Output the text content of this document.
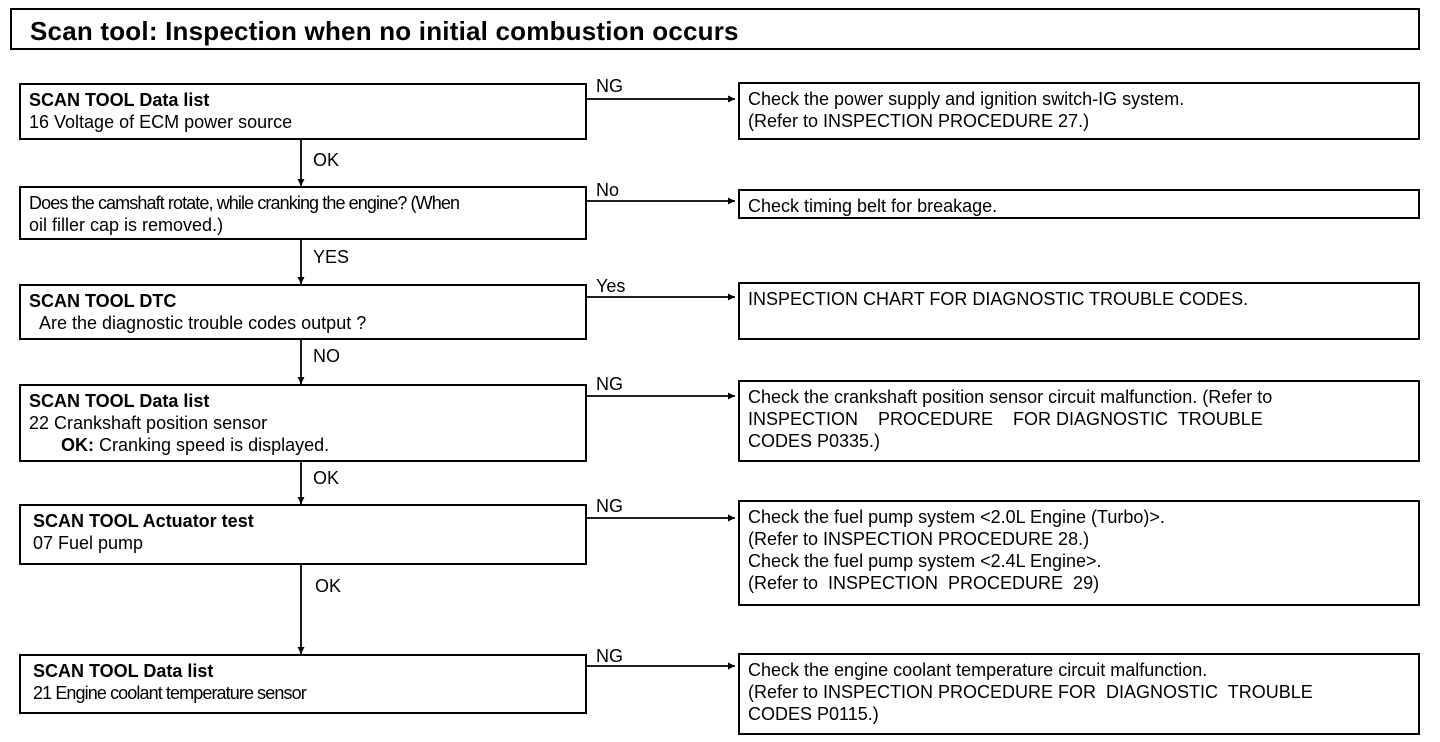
Scan tool: Inspection when no initial combustion occurs
SCAN TOOL Data list
16 Voltage of ECM power source
NG
Check the power supply and ignition switch-IG system.
(Refer to INSPECTION PROCEDURE 27.)
OK
Does the camshaft rotate, while cranking the engine? (When
oil filler cap is removed.)
No
Check timing belt for breakage.
YES
SCAN TOOL DTC
Are the diagnostic trouble codes output ?
Yes
INSPECTION CHART FOR DIAGNOSTIC TROUBLE CODES.
NO
SCAN TOOL Data list
22 Crankshaft position sensor
OK: Cranking speed is displayed.
NG
Check the crankshaft position sensor circuit malfunction. (Refer to
INSPECTION    PROCEDURE    FOR DIAGNOSTIC  TROUBLE
CODES P0335.)
OK
SCAN TOOL Actuator test
07 Fuel pump
NG
Check the fuel pump system <2.0L Engine (Turbo)>.
(Refer to INSPECTION PROCEDURE 28.)
Check the fuel pump system <2.4L Engine>.
(Refer to  INSPECTION  PROCEDURE  29)
OK
SCAN TOOL Data list
21 Engine coolant temperature sensor
NG
Check the engine coolant temperature circuit malfunction.
(Refer to INSPECTION PROCEDURE FOR  DIAGNOSTIC  TROUBLE
CODES P0115.)
